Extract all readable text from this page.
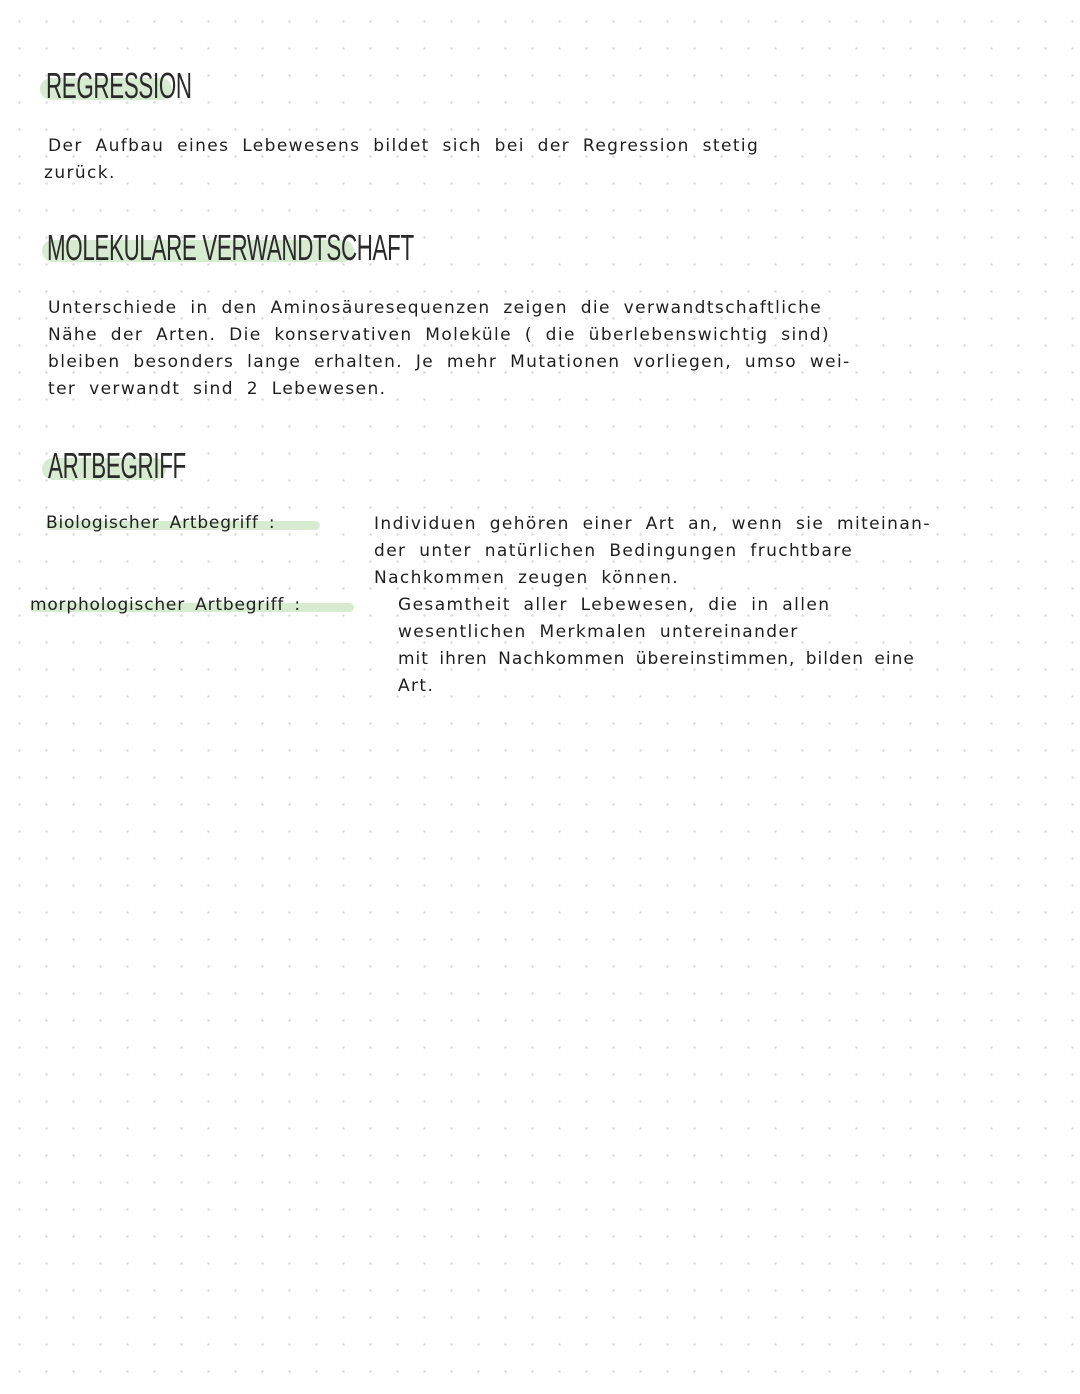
REGRESSION
Der Aufbau eines Lebewesens bildet sich bei der Regression stetig
zurück.
MOLEKULARE VERWANDTSCHAFT
Unterschiede in den Aminosäuresequenzen zeigen die verwandtschaftliche
Nähe der Arten. Die konservativen Moleküle ( die überlebenswichtig sind)
bleiben besonders lange erhalten. Je mehr Mutationen vorliegen, umso wei-
ter verwandt sind 2 Lebewesen.
ARTBEGRIFF
Biologischer Artbegriff :	Individuen gehören einer Art an, wenn sie miteinan-
der unter natürlichen Bedingungen fruchtbare
Nachkommen zeugen können.
morphologischer Artbegriff :	Gesamtheit aller Lebewesen, die in allen
wesentlichen Merkmalen untereinander
mit ihren Nachkommen übereinstimmen, bilden eine
Art.
